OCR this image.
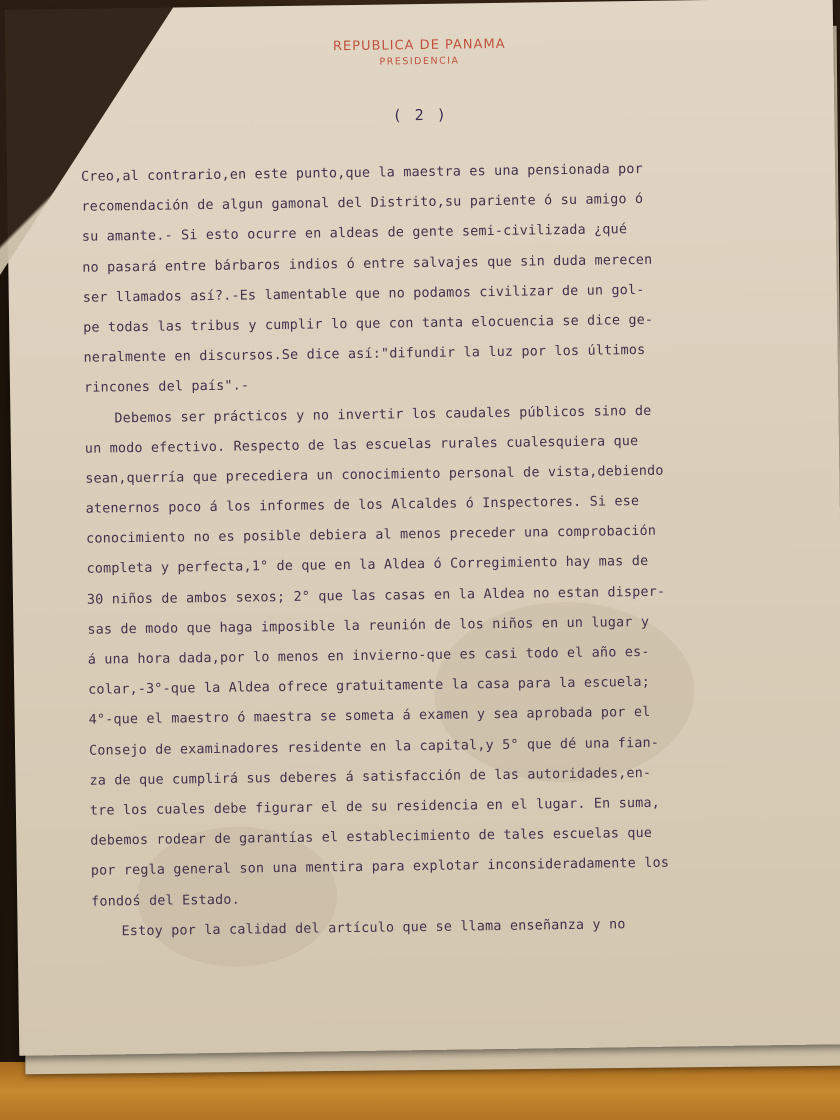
REPUBLICA DE PANAMA
PRESIDENCIA
( 2 )
Creo,al contrario,en este punto,que la maestra es una pensionada por
recomendación de algun gamonal del Distrito,su pariente ó su amigo ó
su amante.- Si esto ocurre en aldeas de gente semi-civilizada ¿qué
no pasará entre bárbaros indios ó entre salvajes que sin duda merecen
ser llamados así?.-Es lamentable que no podamos civilizar de un gol-
pe todas las tribus y cumplir lo que con tanta elocuencia se dice ge-
neralmente en discursos.Se dice así:"difundir la luz por los últimos
rincones del país".-
Debemos ser prácticos y no invertir los caudales públicos sino de
un modo efectivo. Respecto de las escuelas rurales cualesquiera que
sean,querría que precediera un conocimiento personal de vista,debiendo
atenernos poco á los informes de los Alcaldes ó Inspectores. Si ese
conocimiento no es posible debiera al menos preceder una comprobación
completa y perfecta,1° de que en la Aldea ó Corregimiento hay mas de
30 niños de ambos sexos; 2° que las casas en la Aldea no estan disper-
sas de modo que haga imposible la reunión de los niños en un lugar y
á una hora dada,por lo menos en invierno-que es casi todo el año es-
colar,-3°-que la Aldea ofrece gratuitamente la casa para la escuela;
4°-que el maestro ó maestra se someta á examen y sea aprobada por el
Consejo de examinadores residente en la capital,y 5° que dé una fian-
za de que cumplirá sus deberes á satisfacción de las autoridades,en-
tre los cuales debe figurar el de su residencia en el lugar. En suma,
debemos rodear de garantías el establecimiento de tales escuelas que
por regla general son una mentira para explotar inconsideradamente los
fondoś del Estado.
Estoy por la calidad del artículo que se llama enseñanza y no
